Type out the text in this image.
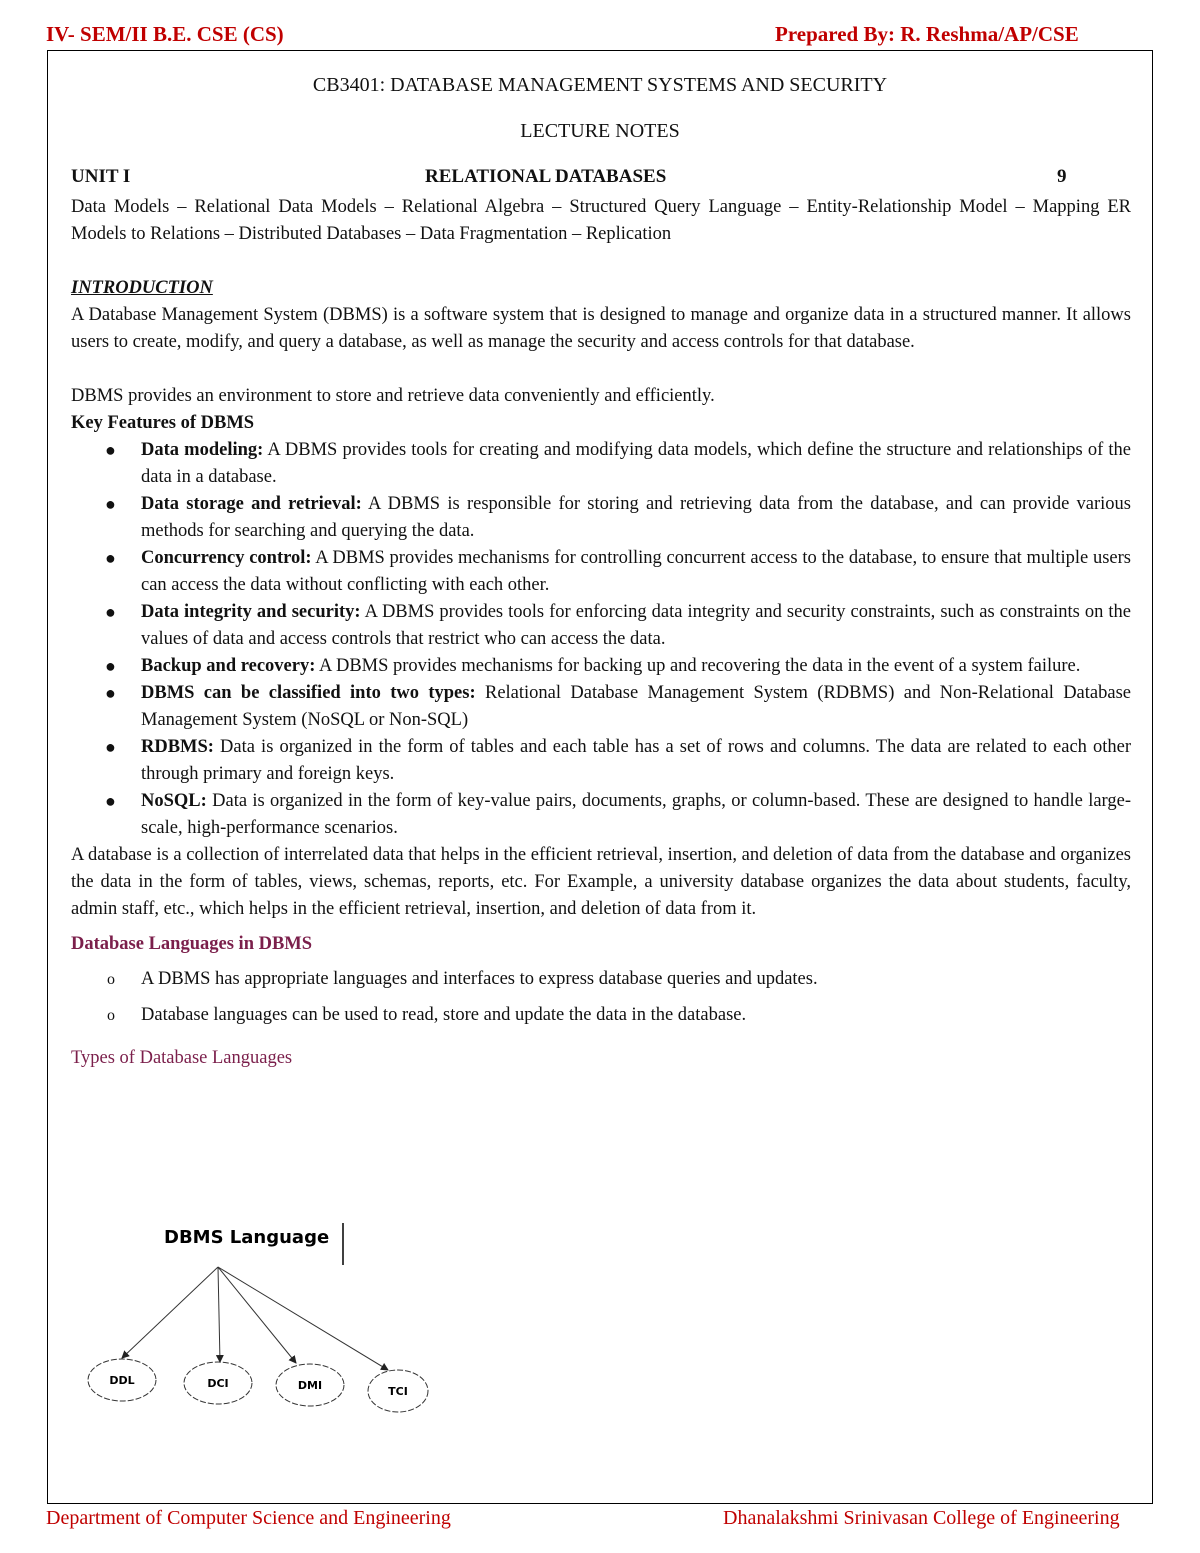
IV- SEM/II B.E. CSE (CS)	Prepared By: R. Reshma/AP/CSE
CB3401: DATABASE MANAGEMENT SYSTEMS AND SECURITY
LECTURE NOTES
UNIT I	RELATIONAL DATABASES	9

Data Models – Relational Data Models – Relational Algebra – Structured Query Language – Entity-Relationship Model – Mapping ER Models to Relations – Distributed Databases – Data Fragmentation – Replication

INTRODUCTION

A Database Management System (DBMS) is a software system that is designed to manage and organize data in a structured manner. It allows users to create, modify, and query a database, as well as manage the security and access controls for that database.

DBMS provides an environment to store and retrieve data conveniently and efficiently.

Key Features of DBMS

● Data modeling: A DBMS provides tools for creating and modifying data models, which define the structure and relationships of the data in a database.
● Data storage and retrieval: A DBMS is responsible for storing and retrieving data from the database, and can provide various methods for searching and querying the data.
● Concurrency control: A DBMS provides mechanisms for controlling concurrent access to the database, to ensure that multiple users can access the data without conflicting with each other.
● Data integrity and security: A DBMS provides tools for enforcing data integrity and security constraints, such as constraints on the values of data and access controls that restrict who can access the data.
● Backup and recovery: A DBMS provides mechanisms for backing up and recovering the data in the event of a system failure.
● DBMS can be classified into two types: Relational Database Management System (RDBMS) and Non-Relational Database Management System (NoSQL or Non-SQL)
● RDBMS: Data is organized in the form of tables and each table has a set of rows and columns. The data are related to each other through primary and foreign keys.
● NoSQL: Data is organized in the form of key-value pairs, documents, graphs, or column-based. These are designed to handle large-scale, high-performance scenarios.

A database is a collection of interrelated data that helps in the efficient retrieval, insertion, and deletion of data from the database and organizes the data in the form of tables, views, schemas, reports, etc. For Example, a university database organizes the data about students, faculty, admin staff, etc., which helps in the efficient retrieval, insertion, and deletion of data from it.

Database Languages in DBMS

o A DBMS has appropriate languages and interfaces to express database queries and updates.
o Database languages can be used to read, store and update the data in the database.

Types of Database Languages

DBMS Language
DDL	DCI	DMI	TCI
Department of Computer Science and Engineering	Dhanalakshmi Srinivasan College of Engineering
